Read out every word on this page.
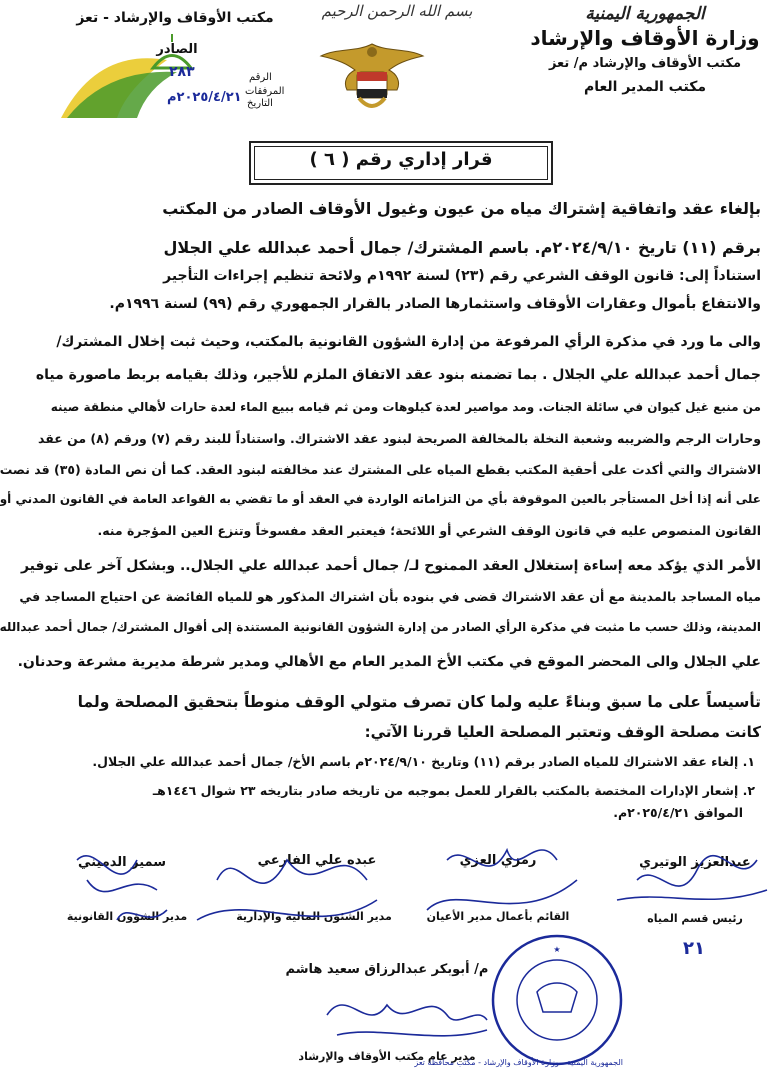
الجمهورية اليمنية
وزارة الأوقاف والإرشاد
مكتب الأوقاف والإرشاد م/ تعز
مكتب المدير العام
بسم الله الرحمن الرحيم
مكتب الأوقاف والإرشاد - تعز
الصادر
الرقم
٢٨٣
المرفقات
التاريخ
٢٠٢٥/٤/٢١م
قرار إداري رقم ( ٦ )
بإلغاء عقد واتفاقية إشتراك مياه من عيون وغيول الأوقاف الصادر من المكتب
برقم (١١) تاريخ ٢٠٢٤/٩/١٠م. باسم المشترك/ جمال أحمد عبدالله علي الجلال
استناداً إلى: قانون الوقف الشرعي رقم (٢٣) لسنة ١٩٩٢م ولائحة تنظيم إجراءات التأجير
والانتفاع بأموال وعقارات الأوقاف واستثمارها الصادر بالقرار الجمهوري رقم (٩٩) لسنة ١٩٩٦م.
والى ما ورد في مذكرة الرأي المرفوعة من إدارة الشؤون القانونية بالمكتب، وحيث ثبت إخلال المشترك/
جمال أحمد عبدالله علي الجلال . بما تضمنه بنود عقد الاتفاق الملزم للأجير، وذلك بقيامه بربط ماصورة مياه
من منبع غيل كيوان في سائلة الجنات. ومد مواصير لعدة كيلوهات ومن ثم قيامه ببيع الماء لعدة حارات لأهالي منطقة صينه
وحارات الرجم والضريبه وشعبة النخلة بالمخالفة الصريحة لبنود عقد الاشتراك. واستناداً للبند رقم (٧) ورقم (٨) من عقد
الاشتراك والتي أكدت على أحقية المكتب بقطع المياه على المشترك عند مخالفته لبنود العقد. كما أن نص المادة (٣٥) قد نصت
على أنه إذا أخل المستأجر بالعين الموقوفة بأي من التزاماته الواردة في العقد أو ما تقضي به القواعد العامة في القانون المدني أو
القانون المنصوص عليه في قانون الوقف الشرعي أو اللائحة؛ فيعتبر العقد مفسوخاً وتنزع العين المؤجرة منه.
الأمر الذي يؤكد معه إساءة إستغلال العقد الممنوح لـ/ جمال أحمد عبدالله علي الجلال.. وبشكل آخر على توفير
مياه المساجد بالمدينة مع أن عقد الاشتراك قضى في بنوده بأن اشتراك المذكور هو للمياه الفائضة عن احتياج المساجد في
المدينة، وذلك حسب ما مثبت في مذكرة الرأي الصادر من إدارة الشؤون القانونية المستندة إلى أقوال المشترك/ جمال أحمد عبدالله
علي الجلال والى المحضر الموقع في مكتب الأخ المدير العام مع الأهالي ومدير شرطة مديرية مشرعة وحدنان.
تأسيساً على ما سبق وبناءً عليه ولما كان تصرف متولي الوقف منوطاً بتحقيق المصلحة ولما
كانت مصلحة الوقف وتعتبر المصلحة العليا قررنا الآتي:
١. إلغاء عقد الاشتراك للمياه الصادر برقم (١١) وتاريخ ٢٠٢٤/٩/١٠م باسم الأخ/ جمال أحمد عبدالله علي الجلال.
٢. إشعار الإدارات المختصة بالمكتب بالقرار للعمل بموجبه من تاريخه صادر بتاريخه ٢٣ شوال ١٤٤٦هـ
الموافق ٢٠٢٥/٤/٢١م.
عبدالعزيز الوتيري
رئيس قسم المياه
رمزي العزي
القائم بأعمال مدير الأعيان
عبده علي الفارعي
مدير الشئون المالية والإدارية
سمير الدميني
مدير الشؤون القانونية
٢١
م/ أبوبكر عبدالرزاق سعيد هاشم
مدير عام مكتب الأوقاف والإرشاد
★
الجمهورية اليمنية - وزارة الأوقاف والإرشاد - مكتب محافظة تعز
